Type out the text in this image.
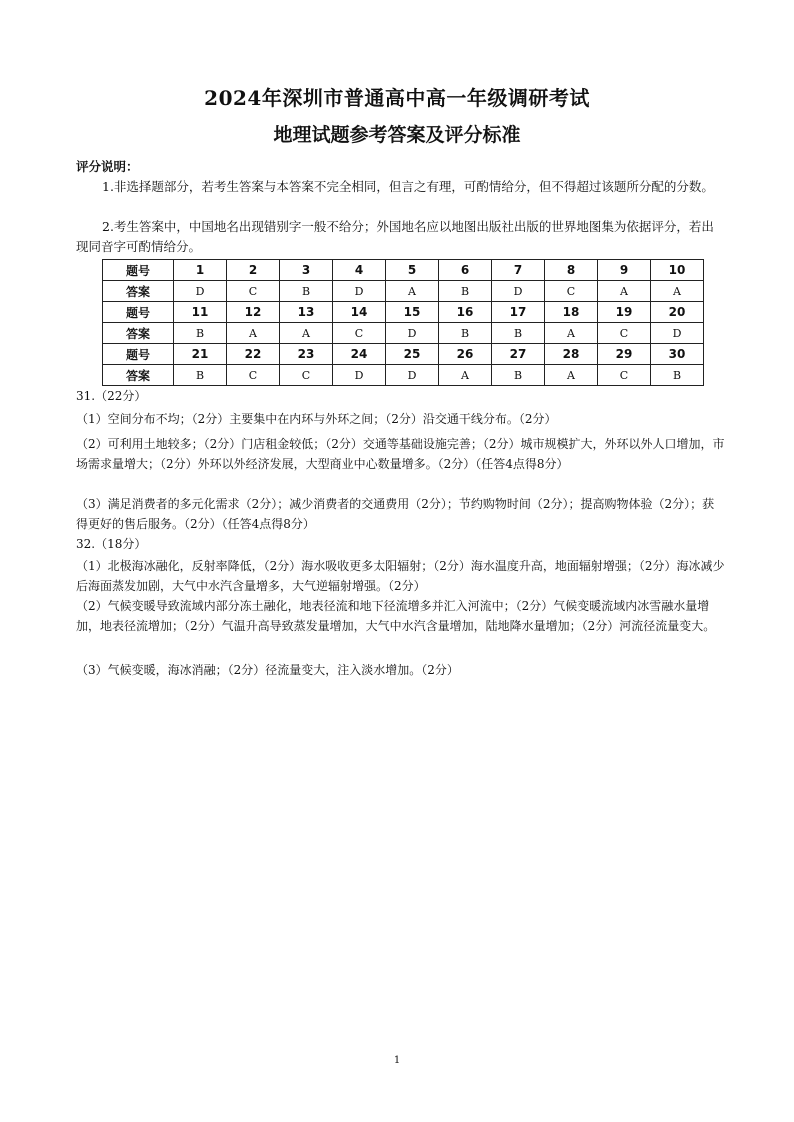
2024年深圳市普通高中高一年级调研考试
地理试题参考答案及评分标准
评分说明：
1.非选择题部分，若考生答案与本答案不完全相同，但言之有理，可酌情给分，但不得超过该题所分配的分数。
2.考生答案中，中国地名出现错别字一般不给分；外国地名应以地图出版社出版的世界地图集为依据评分，若出现同音字可酌情给分。
题号	1	2	3	4	5	6	7	8	9	10
答案	D	C	B	D	A	B	D	C	A	A
题号	11	12	13	14	15	16	17	18	19	20
答案	B	A	A	C	D	B	B	A	C	D
题号	21	22	23	24	25	26	27	28	29	30
答案	B	C	C	D	D	A	B	A	C	B
31.（22分）
（1）空间分布不均；（2分）主要集中在内环与外环之间；（2分）沿交通干线分布。（2分）
（2）可利用土地较多；（2分）门店租金较低；（2分）交通等基础设施完善；（2分）城市规模扩大，外环以外人口增加，市场需求量增大；（2分）外环以外经济发展，大型商业中心数量增多。（2分）（任答4点得8分）
（3）满足消费者的多元化需求（2分）；减少消费者的交通费用（2分）；节约购物时间（2分）；提高购物体验（2分）；获得更好的售后服务。（2分）（任答4点得8分）
32.（18分）
（1）北极海冰融化，反射率降低，（2分）海水吸收更多太阳辐射；（2分）海水温度升高，地面辐射增强；（2分）海冰减少后海面蒸发加剧，大气中水汽含量增多，大气逆辐射增强。（2分）
（2）气候变暖导致流域内部分冻土融化，地表径流和地下径流增多并汇入河流中；（2分）气候变暖流域内冰雪融水量增加，地表径流增加；（2分）气温升高导致蒸发量增加，大气中水汽含量增加，陆地降水量增加；（2分）河流径流量变大。
（3）气候变暖，海冰消融；（2分）径流量变大，注入淡水增加。（2分）
1
